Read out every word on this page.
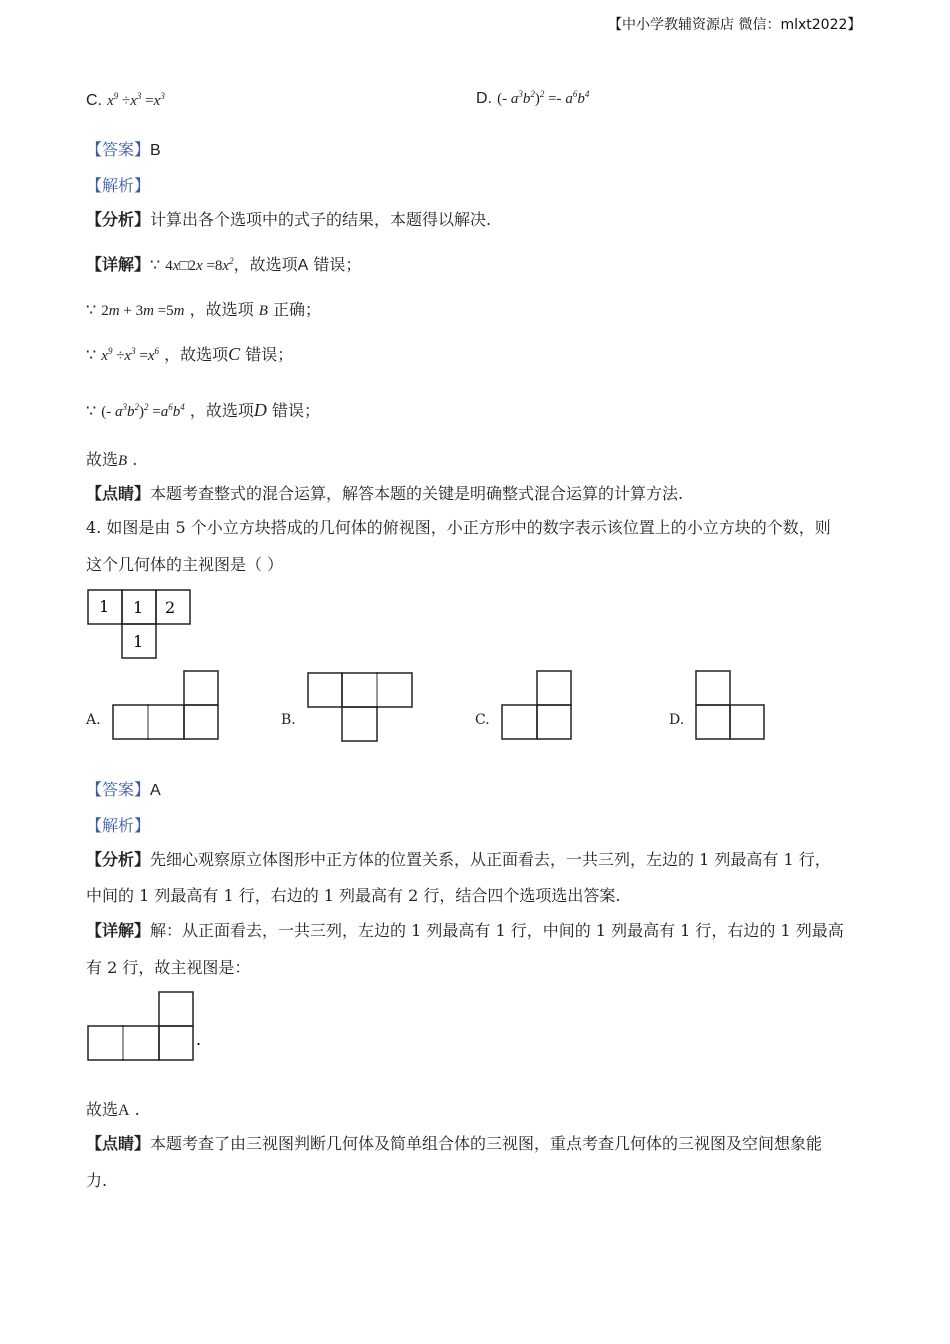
【中小学教辅资源店 微信：mlxt2022】
C. $x^9 \div x^3 =x^3$	D. (- $a^3b^2)^2 =- a^6b^4$
【答案】B
【解析】
【分析】计算出各个选项中的式子的结果，本题得以解决.
【详解】∵ 4x□2x $=8x^2$，故选项A 错误；
∵ 2m + 3m =5m ，故选项 B 正确；
∵ $x^9 \div x^3 =x^6$ ，故选项C 错误；
∵ (- $a^3b^2)^2 =a^6b^4$ ，故选项D 错误；
故选B .
【点睛】本题考查整式的混合运算，解答本题的关键是明确整式混合运算的计算方法.
4. 如图是由 5 个小立方块搭成的几何体的俯视图，小正方形中的数字表示该位置上的小立方块的个数，则
这个几何体的主视图是（ ）
1 1 2
1
A.	B.	C.	D.
【答案】A
【解析】
【分析】先细心观察原立体图形中正方体的位置关系，从正面看去，一共三列，左边的 1 列最高有 1 行，
中间的 1 列最高有 1 行，右边的 1 列最高有 2 行，结合四个选项选出答案.
【详解】解：从正面看去，一共三列，左边的 1 列最高有 1 行，中间的 1 列最高有 1 行，右边的 1 列最高
有 2 行，故主视图是：
.
故选A .
【点睛】本题考查了由三视图判断几何体及简单组合体的三视图，重点考查几何体的三视图及空间想象能
力.
